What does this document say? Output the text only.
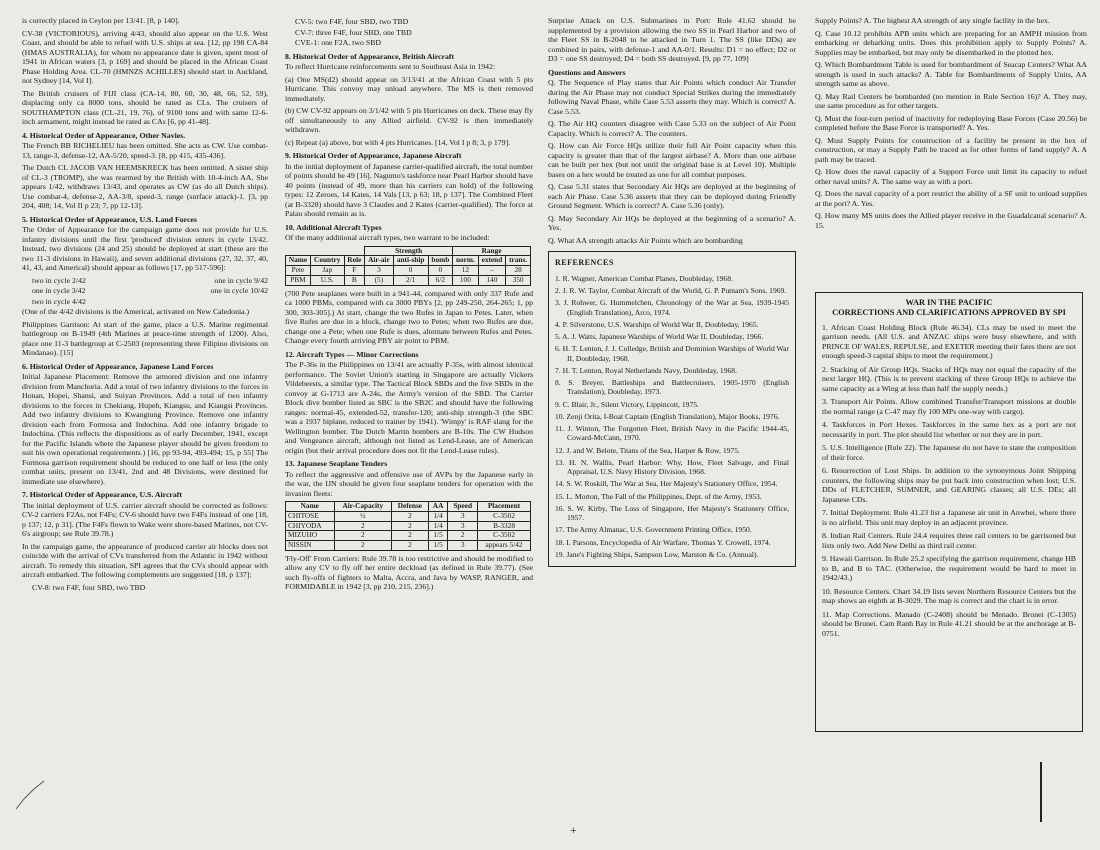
is correctly placed in Ceylon per 13/41. [8, p 140].

CV-38 (VICTORIOUS), arriving 4/43, should also appear on the U.S. West Coast, and should be able to refuel with U.S. ships at sea. [12, pp 198 CA-84 (HMAS AUSTRALIA), for whom no appearance date is given, spent most of 1941 in African waters [3, p 169] and should be placed in the African Coast Phase Holding Area. CL-70 (HMNZS ACHILLES) should start in Auckland, not Sydney [14, Vol I].

The British cruisers of FIJI class (CA-14, 80, 60, 30, 48, 66, 52, 59), displacing only ca 8000 tons, should be rated as CLs. The cruisers of SOUTHAMPTON class (CL-21, 19, 76), of 9100 tons and with same 12-6-inch armament, might instead be rated as CAs [6, pp 41-48].

4. Historical Order of Appearance, Other Navies.

The French BB RICHELIEU has been omitted. She acts as CW. Use combat-13, range-3, defense-12, AA-5/20, speed-3. [8, pp 415, 435-436].

The Dutch CL JACOB VAN HEEMSKRECK has been omitted. A sister ship of CL-3 (TROMP), she was rearmed by the British with 10-4-inch AA. She appears 1/42, withdraws 13/43, and operates as CW (as do all Dutch ships). Use combat-4, defense-2, AA-3/8, speed-3, range (surface attack)-1. [3, pp 204, 408; 14, Vol II p 23; 7, pp 12-13].

5. Historical Order of Appearance, U.S. Land Forces

The Order of Appearance for the campaign game does not provide for U.S. infantry divisions until the first 'produced' division enters in cycle 13/42. Instead, two divisions (24 and 25) should be deployed at start (these are the two 11-3 divisions in Hawaii), and seven additional divisions (27, 32, 37, 40, 41, 43, and Americal) should appear as follows [17, pp 517-596]:

two in cycle 2/42	one in cycle 9/42
one in cycle 3/42	one in cycle 10/42
two in cycle 4/42

(One of the 4/42 divisions is the Americal, activated on New Caledonia.)

Philippines Garrison: At start of the game, place a U.S. Marine regimental battlegroup on B-1949 (4th Marines at peace-time strength of 1200). Also, place one 11-3 battlegroup at C-2503 (representing three Filipino divisions on Mindanao). [15]

6. Historical Order of Appearance, Japanese Land Forces

Initial Japanese Placement: Remove the armored division and one infantry division from Manchuria. Add a total of two infantry divisions to the forces in Honan, Hopei, Shansi, and Suiyan Provinces. Add a total of two infantry divisions to the forces in Chekiang, Hupeh, Kiangsu, and Kiangsi Provinces. Add two infantry divisions to Kwangtung Province. Remove one infantry division each from Formosa and Indochina. Add one infantry brigade to Indochina. (This reflects the dispositions as of early December, 1941, except for the Pacific Islands where the Japanese player should be given freedom to suit his own operational requirements.) [16, pp 93-94, 493-494; 15, p 55] The Formosa garrison requirement should be reduced to one half or less (the only combat units, present on 13/41, 2nd and 48 Divisions, were destined for immediate use elsewhere).

7. Historical Order of Appearance, U.S. Aircraft

The initial deployment of U.S. carrier aircraft should be corrected as follows: CV-2 carriers F2As, not F4Fs; CV-6 should have two F4Fs instead of one [18, p 137; 12, p 31]. (The F4Fs flown to Wake were shore-based Marines, not CV-6's airgroup; see Rule 39.78.)

In the campaign game, the appearance of produced carrier air blocks does not coincide with the arrival of CVs transferred from the Atlantic in 1942 without aircraft. To remedy this situation, SPI agrees that the CVs should appear with aircraft embarked. The following complements are suggested [18, p 137]:

CV-8: two F4F, four SBD, two TBD
CV-5: two F4F, four SBD, two TBD
CV-7: three F4F, four SBD, one TBD
CVE-1: one F2A, two SBD
8. Historical Order of Appearance, British Aircraft

To reflect Hurricane reinforcements sent to Southeast Asia in 1942:

(a) One MS(d2) should appear on 3/13/41 at the African Coast with 5 pts Hurricane. This convoy may unload anywhere. The MS is then removed immediately.

(b) CW CV-92 appears on 3/1/42 with 5 pts Hurricanes on deck. These may fly off simultaneously to any Allied airfield. CV-92 is then immediately withdrawn.

(c) Repeat (a) above, but with 4 pts Hurricanes. [14, Vol I p 8; 3, p 179].

9. Historical Order of Appearance, Japanese Aircraft

In the initial deployment of Japanese carrier-qualified aircraft, the total number of points should be 49 [16]. Nagumo's taskforce near Pearl Harbor should have 40 points (instead of 49, more than his carriers can hold) of the following types: 12 Zeroes, 14 Kates, 14 Vals [13, p 63; 18, p 137]. The Combined Fleet (at B-3328) should have 3 Claudes and 2 Kates (carrier-qualified). The force at Palau should remain as is.

10. Additional Aircraft Types

Of the many additional aircraft types, two warrant to be included:

			Strength			Range		
Name	Country	Role	Air-air	anti-ship	bomb	norm.	extend	trans.
Pete	Jap	F	3	0	0	12	–	28
PBM	U.S.	B	(5)	2/1	6/2	100	140	350

(700 Pete seaplanes were built in a 941-44, compared with only 337 Rufe and ca 1000 PBMs, compared with ca 3000 PBYs [2, pp 249-250, 264-265; 1, pp 300, 303-305].) At start, change the two Rufes in Japan to Petes. Later, when five Rufes are due in a block, change two to Petes; when two Rufes are due, change one a Pete; when one Rufe is dues, alternate between Rufes and Petes. Change every fourth arriving PBY air point to PBM.

12. Aircraft Types — Minor Corrections

The P-36s in the Philippines on 13/41 are actually P-35s, with almost identical performance. The Soviet Union's starting in Singapore are actually Vickers Vildebeests, a similar type. The Tactical Block SBDs and the five SBDs in the convoy at G-1713 are A-24s, the Army's version of the SBD. The Carrier Block dive bomber listed as SBC is the SB2C and should have the following ranges: normal-45, extended-52, transfer-120; anti-ship strength-3 (the SBC was a 1937 biplane, reduced to trainer by 1941). 'Wimpy' is RAF slang for the Wellington bomber. The Dutch Martin bombers are B-10s. The CW Hudson and Vengeance aircraft, although not listed as Lend-Lease, are of American origin (but their arrival procedure does not fit the Lend-Lease rules).

13. Japanese Seaplane Tenders

To reflect the aggressive and offensive use of AVPs by the Japanese early in the war, the IJN should be given four seaplane tenders for operation with the invasion fleets:

Name	Air-Capacity	Defense	AA	Speed	Placement
CHITOSE	½	2	1/4	3	C-3502
CHIYODA	2	2	1/4	3	B-3328
MIZUHO	2	2	1/5	2	C-3502
NISSIN	2	2	1/5	3	appears 5/42

'Fly-Off' From Carriers: Rule 39.78 is too restrictive and should be modified to allow any CV to fly off her entire deckload (as defined in Rule 39.77). (See such fly-offs of fighters to Malta, Accra, and Java by WASP, RANGER, and FORMIDABLE in 1942 [3, pp 210, 215, 236].)

Surprise Attack on U.S. Submarines in Port: Rule 41.62 should be supplemented by a provision allowing the two SS in Pearl Harbor and two of the Fleet SS in B-2048 to be attacked in Turn 1. The SS (like DDs) are combined in pairs, with defense-1 and AA-0/1. Results: D1 = no effect; D2 or D3 = one SS destroyed; D4 = both SS destroyed. [9, pp 77, 109]

Questions and Answers

Q. The Sequence of Play states that Air Points which conduct Air Transfer during the Air Phase may not conduct Special Strikes during the immediately following Naval Phase, while Case 5.53 asserts they may. Which is correct? A. Case 5.53.

Q. The Air HQ counters disagree with Case 5.33 on the subject of Air Point Capacity. Which is correct? A. The counters.

Q. How can Air Force HQs utilize their full Air Point capacity when this capacity is greater than that of the largest airbase? A. More than one airbase can be built per hex (but not until the original base is at Level 10). Multiple bases on a hex would be treated as one for all combat purposes.

Q. Case 5.31 states that Secondary Air HQs are deployed at the beginning of each Air Phase. Case 5.36 asserts that they can be deployed during Friendly Ground Segment. Which is correct? A. Case 5.36 (only).

Q. May Secondary Air HQs be deployed at the beginning of a scenario? A. Yes.

Q. What AA strength attacks Air Points which are bombarding

REFERENCES

1. R. Wagner, American Combat Planes, Doubleday, 1968.

2. J. R. W. Taylor, Combat Aircraft of the World, G. P. Putnam's Sons, 1969.

3. J. Rohwer, G. Hummelchen, Chronology of the War at Sea, 1939-1945 (English Translation), Arco, 1974.

4. P. Silverstone, U.S. Warships of World War II, Doubleday, 1965.

5. A. J. Watts, Japanese Warships of World War II, Doubleday, 1966.

6. H. T. Lenton, J. J. Colledge, British and Dominion Warships of World War II, Doubleday, 1968.

7. H. T. Lenton, Royal Netherlands Navy, Doubleday, 1968.

8. S. Breyer, Battleships and Battlecruisers, 1905-1970 (English Translation), Doubleday, 1973.

9. C. Blair, Jr., Silent Victory, Lippincott, 1975.

10. Zenji Orita, I-Boat Captain (English Translation), Major Books, 1976.

11. J. Winton, The Forgotten Fleet, British Navy in the Pacific 1944-45, Coward-McCann, 1970.

12. J. and W. Belote, Titans of the Sea, Harper & Row, 1975.

13. H. N. Wallis, Pearl Harbor: Why, How, Fleet Salvage, and Final Appraisal, U.S. Navy History Division, 1968.

14. S. W. Roskill, The War at Sea, Her Majesty's Stationery Office, 1954.

15. L. Morton, The Fall of the Philippines, Dept. of the Army, 1953.

16. S. W. Kirby, The Loss of Singapore, Her Majesty's Stationery Office, 1957.

17. The Army Almanac, U.S. Government Printing Office, 1950.

18. I. Parsons, Encyclopedia of Air Warfare, Thomas Y. Crowell, 1974.

19. Jane's Fighting Ships, Sampson Low, Marston & Co. (Annual).

Supply Points? A. The highest AA strength of any single facility in the hex.

Q. Case 10.12 prohibits APB units which are preparing for an AMPH mission from embarking or debarking units. Does this prohibition apply to Supply Points? A. Supplies may be embarked, but may only be disembarked in the plotted hex.

Q. Which Bombardment Table is used for bombardment of Seacap Centers? What AA strength is used in such attacks? A. Table for Bombardments of Supply Units, AA strength same as above.

Q. May Rail Centers be bombarded (no mention in Rule Section 16)? A. They may, use same procedure as for other targets.

Q. Must the four-turn period of inactivity for redeploying Base Forces (Case 20.56) be completed before the Base Force is transported? A. Yes.

Q. Must Supply Points for construction of a facility be present in the hex of construction, or may a Supply Path be traced as for other forms of land supply? A. A path may be traced.

Q. How does the naval capacity of a Support Force unit limit its capacity to refuel other naval units? A. The same way as with a port.

Q. Does the naval capacity of a port restrict the ability of a SF unit to unload supplies at the port? A. Yes.

Q. How many MS units does the Allied player receive in the Guadalcanal scenario? A. 15.

WAR IN THE PACIFIC
CORRECTIONS AND CLARIFICATIONS APPROVED BY SPI

1. African Coast Holding Block (Rule 46.34). CLs may be used to meet the garrison needs. (All U.S. and ANZAC ships were busy elsewhere, and with PRINCE OF WALES, REPULSE, and EXETER meeting their fates there are not enough speed-3 capital ships to meet the requirement.)

2. Stacking of Air Group HQs. Stacks of HQs may not equal the capacity of the next larger HQ. (This is to prevent stacking of three Group HQs to achieve the same capacity as a Wing at less than half the supply needs.)

3. Transport Air Points. Allow combined Transfer/Transport missions at double the normal range (a C-47 may fly 100 MPs one-way with cargo).

4. Taskforces in Port Hexes. Taskforces in the same hex as a port are not necessarily in port. The plot should list whether or not they are in port.

5. U.S. Intelligence (Rule 22). The Japanese do not have to state the composition of their force.

6. Resurrection of Lost Ships. In addition to the synonymous Joint Shipping counters, the following ships may be put back into construction when lost; U.S. DDs of FLETCHER, SUMNER, and GEARING classes; all U.S. DEs; all Japanese CDs.

7. Initial Deployment. Rule 41.23 list a Japanese air unit in Anwhei, where there is no airfield. This unit may deploy in an adjacent province.

8. Indian Rail Centers. Rule 24.4 requires three rail centers to be garrisoned but lists only two. Add New Delhi as third rail center.

9. Hawaii Garrison. In Rule 25.2 specifying the garrison requirement, change HB to B, and B to TAC. (Otherwise, the requirement would be hard to meet in 1942/43.)

10. Resource Centers. Chart 34.19 lists seven Northern Resource Centers but the map shows an eighth at B-3029. The map is correct and the chart is in error.

11. Map Corrections. Manado (C-2408) should be Menado. Bronei (C-1305) should be Brunei. Cam Ranh Bay in Rule 41.21 should be at the anchorage at B-0751.

+
